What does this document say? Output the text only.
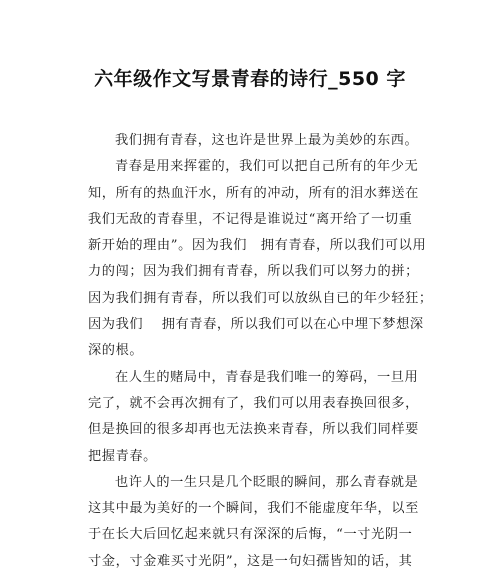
六年级作文写景青春的诗行_550 字
我们拥有青春，这也许是世界上最为美妙的东西。
青春是用来挥霍的，我们可以把自己所有的年少无
知，所有的热血汗水，所有的冲动，所有的泪水葬送在
我们无敌的青春里，不记得是谁说过“离开给了一切重
新开始的理由”。因为我们　拥有青春，所以我们可以用
力的闯；因为我们拥有青春，所以我们可以努力的拼；
因为我们拥有青春，所以我们可以放纵自已的年少轻狂；
因为我们　 拥有青春，所以我们可以在心中埋下梦想深
深的根。
在人生的赌局中，青春是我们唯一的筹码，一旦用
完了，就不会再次拥有了，我们可以用表春换回很多，
但是换回的很多却再也无法换来青春，所以我们同样要
把握青春。
也许人的一生只是几个眨眼的瞬间，那么青春就是
这其中最为美好的一个瞬间，我们不能虚度年华，以至
于在长大后回忆起来就只有深深的后悔，“一寸光阴一
寸金，寸金难买寸光阴”，这是一句妇孺皆知的话，其
